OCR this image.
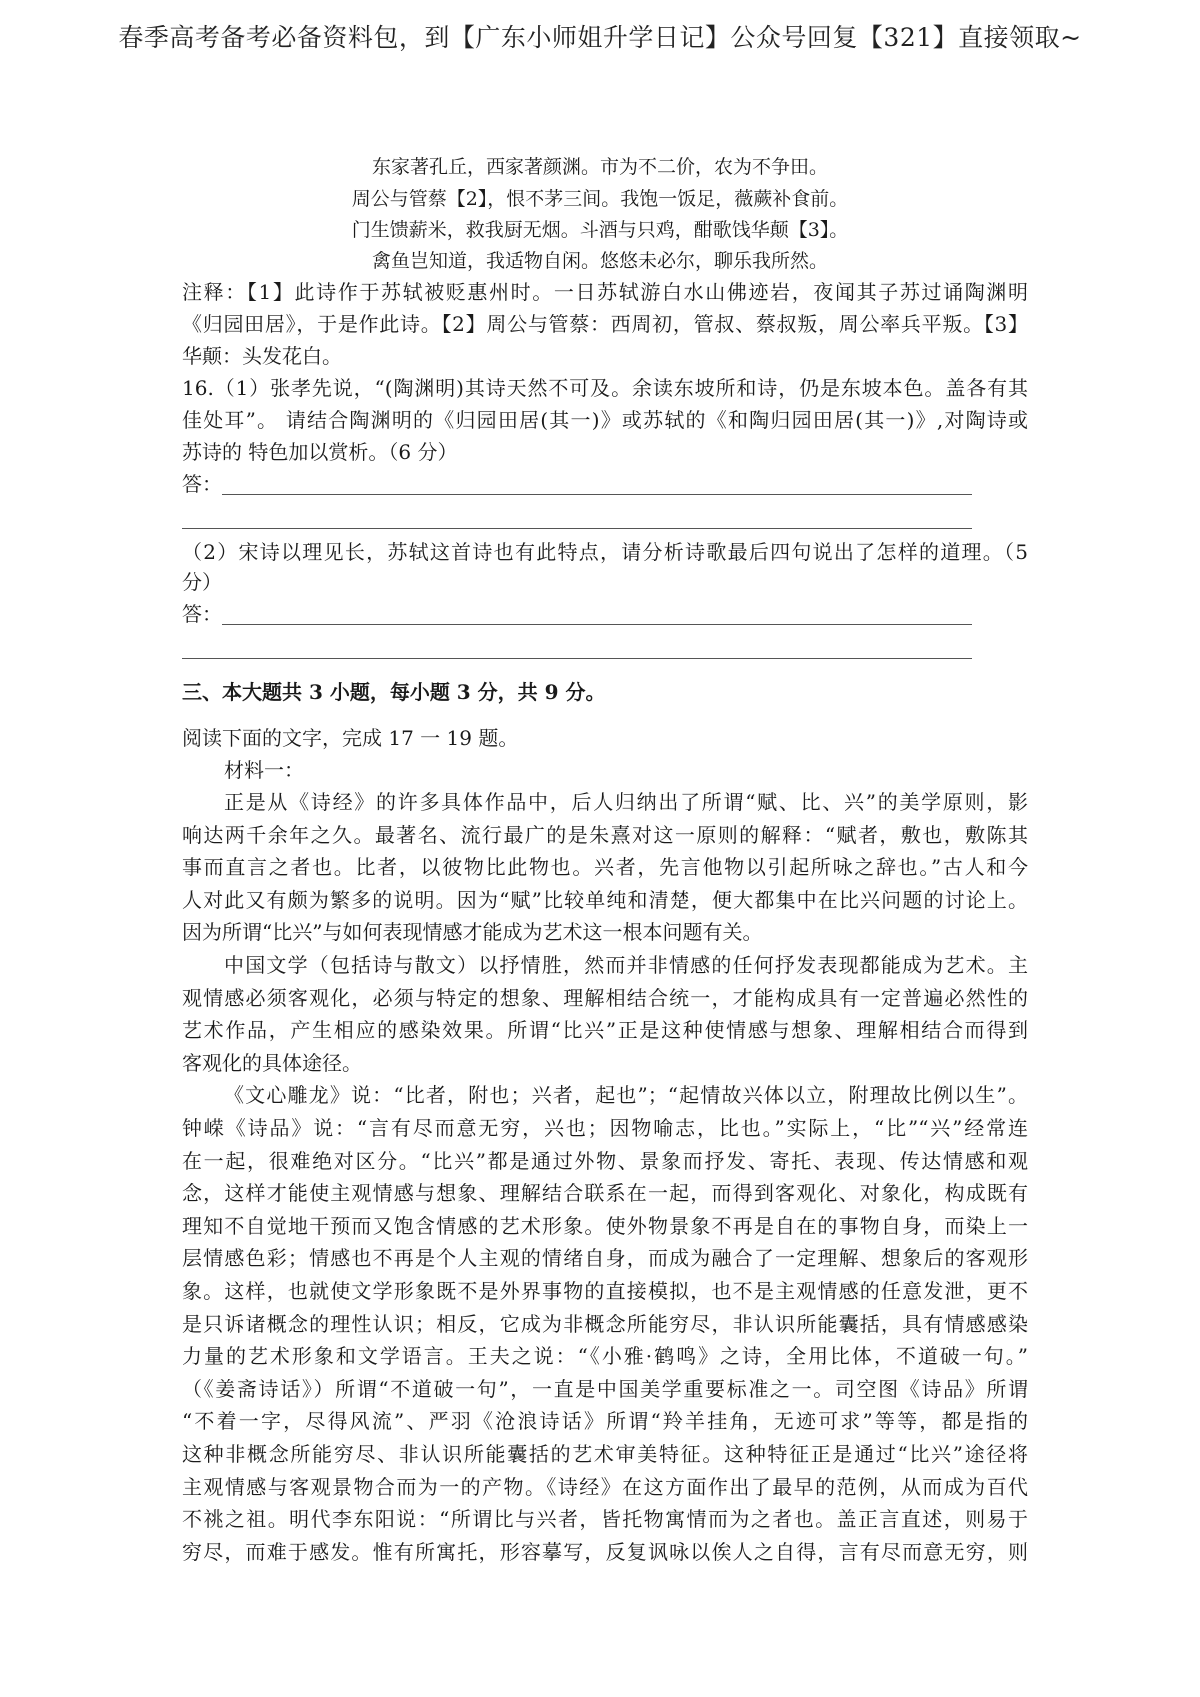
春季高考备考必备资料包，到【广东小师姐升学日记】公众号回复【321】直接领取~
东家著孔丘，西家著颜渊。市为不二价，农为不争田。
周公与管蔡【2】，恨不茅三间。我饱一饭足，薇蕨补食前。
门生馈薪米，救我厨无烟。斗酒与只鸡，酣歌饯华颠【3】。
禽鱼岂知道，我适物自闲。悠悠未必尔，聊乐我所然。
注释：【1】此诗作于苏轼被贬惠州时。一日苏轼游白水山佛迹岩，夜闻其子苏过诵陶渊明
《归园田居》，于是作此诗。【2】周公与管蔡：西周初，管叔、蔡叔叛，周公率兵平叛。【3】
华颠：头发花白。
16.（1）张孝先说，“(陶渊明)其诗天然不可及。余读东坡所和诗，仍是东坡本色。盖各有其
佳处耳”。 请结合陶渊明的《归园田居(其一)》或苏轼的《和陶归园田居(其一)》,对陶诗或
苏诗的 特色加以赏析。（6 分）
答：
（2）宋诗以理见长，苏轼这首诗也有此特点，请分析诗歌最后四句说出了怎样的道理。（5
分）
答：
三、本大题共 3 小题，每小题 3 分，共 9 分。
阅读下面的文字，完成 17 一 19 题。
材料一：
正是从《诗经》的许多具体作品中，后人归纳出了所谓“赋、比、兴”的美学原则，影
响达两千余年之久。最著名、流行最广的是朱熹对这一原则的解释：“赋者，敷也，敷陈其
事而直言之者也。比者，以彼物比此物也。兴者，先言他物以引起所咏之辞也。”古人和今
人对此又有颇为繁多的说明。因为“赋”比较单纯和清楚，便大都集中在比兴问题的讨论上。
因为所谓“比兴”与如何表现情感才能成为艺术这一根本问题有关。
中国文学（包括诗与散文）以抒情胜，然而并非情感的任何抒发表现都能成为艺术。主
观情感必须客观化，必须与特定的想象、理解相结合统一，才能构成具有一定普遍必然性的
艺术作品，产生相应的感染效果。所谓“比兴”正是这种使情感与想象、理解相结合而得到
客观化的具体途径。
《文心雕龙》说：“比者，附也；兴者，起也”；“起情故兴体以立，附理故比例以生”。
钟嵘《诗品》说：“言有尽而意无穷，兴也；因物喻志，比也。”实际上，“比”“兴”经常连
在一起，很难绝对区分。“比兴”都是通过外物、景象而抒发、寄托、表现、传达情感和观
念，这样才能使主观情感与想象、理解结合联系在一起，而得到客观化、对象化，构成既有
理知不自觉地干预而又饱含情感的艺术形象。使外物景象不再是自在的事物自身，而染上一
层情感色彩；情感也不再是个人主观的情绪自身，而成为融合了一定理解、想象后的客观形
象。这样，也就使文学形象既不是外界事物的直接模拟，也不是主观情感的任意发泄，更不
是只诉诸概念的理性认识；相反，它成为非概念所能穷尽，非认识所能囊括，具有情感感染
力量的艺术形象和文学语言。王夫之说：“《小雅·鹤鸣》之诗，全用比体，不道破一句。”
（《姜斋诗话》）所谓“不道破一句”，一直是中国美学重要标准之一。司空图《诗品》所谓
“不着一字，尽得风流”、严羽《沧浪诗话》所谓“羚羊挂角，无迹可求”等等，都是指的
这种非概念所能穷尽、非认识所能囊括的艺术审美特征。这种特征正是通过“比兴”途径将
主观情感与客观景物合而为一的产物。《诗经》在这方面作出了最早的范例，从而成为百代
不祧之祖。明代李东阳说：“所谓比与兴者，皆托物寓情而为之者也。盖正言直述，则易于
穷尽，而难于感发。惟有所寓托，形容摹写，反复讽咏以俟人之自得，言有尽而意无穷，则
